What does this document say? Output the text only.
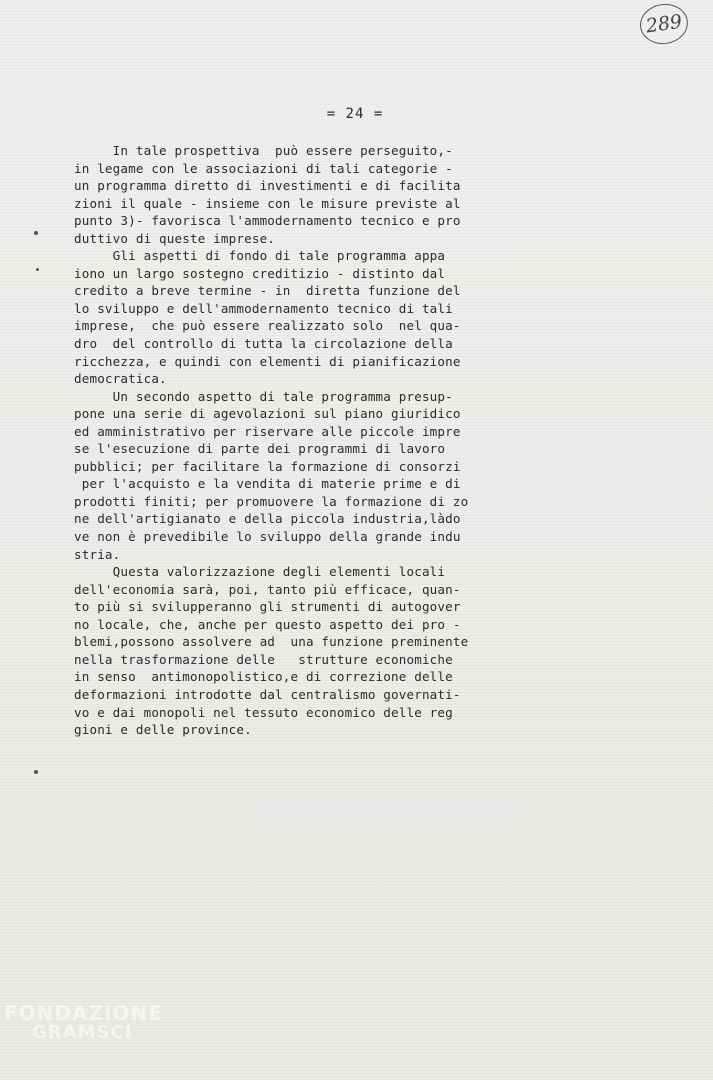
289
= 24 =
In tale prospettiva  può essere perseguito,-
in legame con le associazioni di tali categorie -
un programma diretto di investimenti e di facilita
zioni il quale - insieme con le misure previste al
punto 3)- favorisca l'ammodernamento tecnico e pro
duttivo di queste imprese.
Gli aspetti di fondo di tale programma appa
iono un largo sostegno creditizio - distinto dal
credito a breve termine - in  diretta funzione del
lo sviluppo e dell'ammodernamento tecnico di tali
imprese,  che può essere realizzato solo  nel qua-
dro  del controllo di tutta la circolazione della
ricchezza, e quindi con elementi di pianificazione
democratica.
Un secondo aspetto di tale programma presup-
pone una serie di agevolazioni sul piano giuridico
ed amministrativo per riservare alle piccole impre
se l'esecuzione di parte dei programmi di lavoro
pubblici; per facilitare la formazione di consorzi
per l'acquisto e la vendita di materie prime e di
prodotti finiti; per promuovere la formazione di zo
ne dell'artigianato e della piccola industria,làdo
ve non è prevedibile lo sviluppo della grande indu
stria.
Questa valorizzazione degli elementi locali
dell'economia sarà, poi, tanto più efficace, quan-
to più si svilupperanno gli strumenti di autogover
no locale, che, anche per questo aspetto dei pro -
blemi,possono assolvere ad  una funzione preminente
nella trasformazione delle   strutture economiche
in senso  antimonopolistico,e di correzione delle
deformazioni introdotte dal centralismo governati-
vo e dai monopoli nel tessuto economico delle reg
gioni e delle province.
FONDAZIONE
GRAMSCI
